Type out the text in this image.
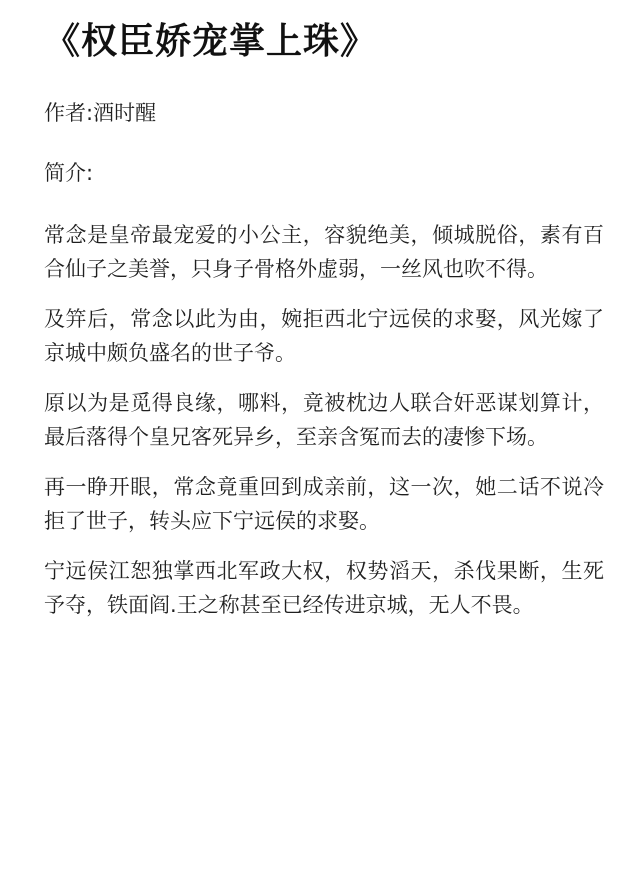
《权臣娇宠掌上珠》

作者:酒时醒

简介:

常念是皇帝最宠爱的小公主，容貌绝美，倾城脱俗，素有百合仙子之美誉，只身子骨格外虚弱，一丝风也吹不得。

及笄后，常念以此为由，婉拒西北宁远侯的求娶，风光嫁了京城中颇负盛名的世子爷。

原以为是觅得良缘，哪料，竟被枕边人联合奸恶谋划算计，最后落得个皇兄客死异乡，至亲含冤而去的凄惨下场。

再一睁开眼，常念竟重回到成亲前，这一次，她二话不说冷拒了世子，转头应下宁远侯的求娶。

宁远侯江恕独掌西北军政大权，权势滔天，杀伐果断，生死予夺，铁面阎.王之称甚至已经传进京城，无人不畏。
